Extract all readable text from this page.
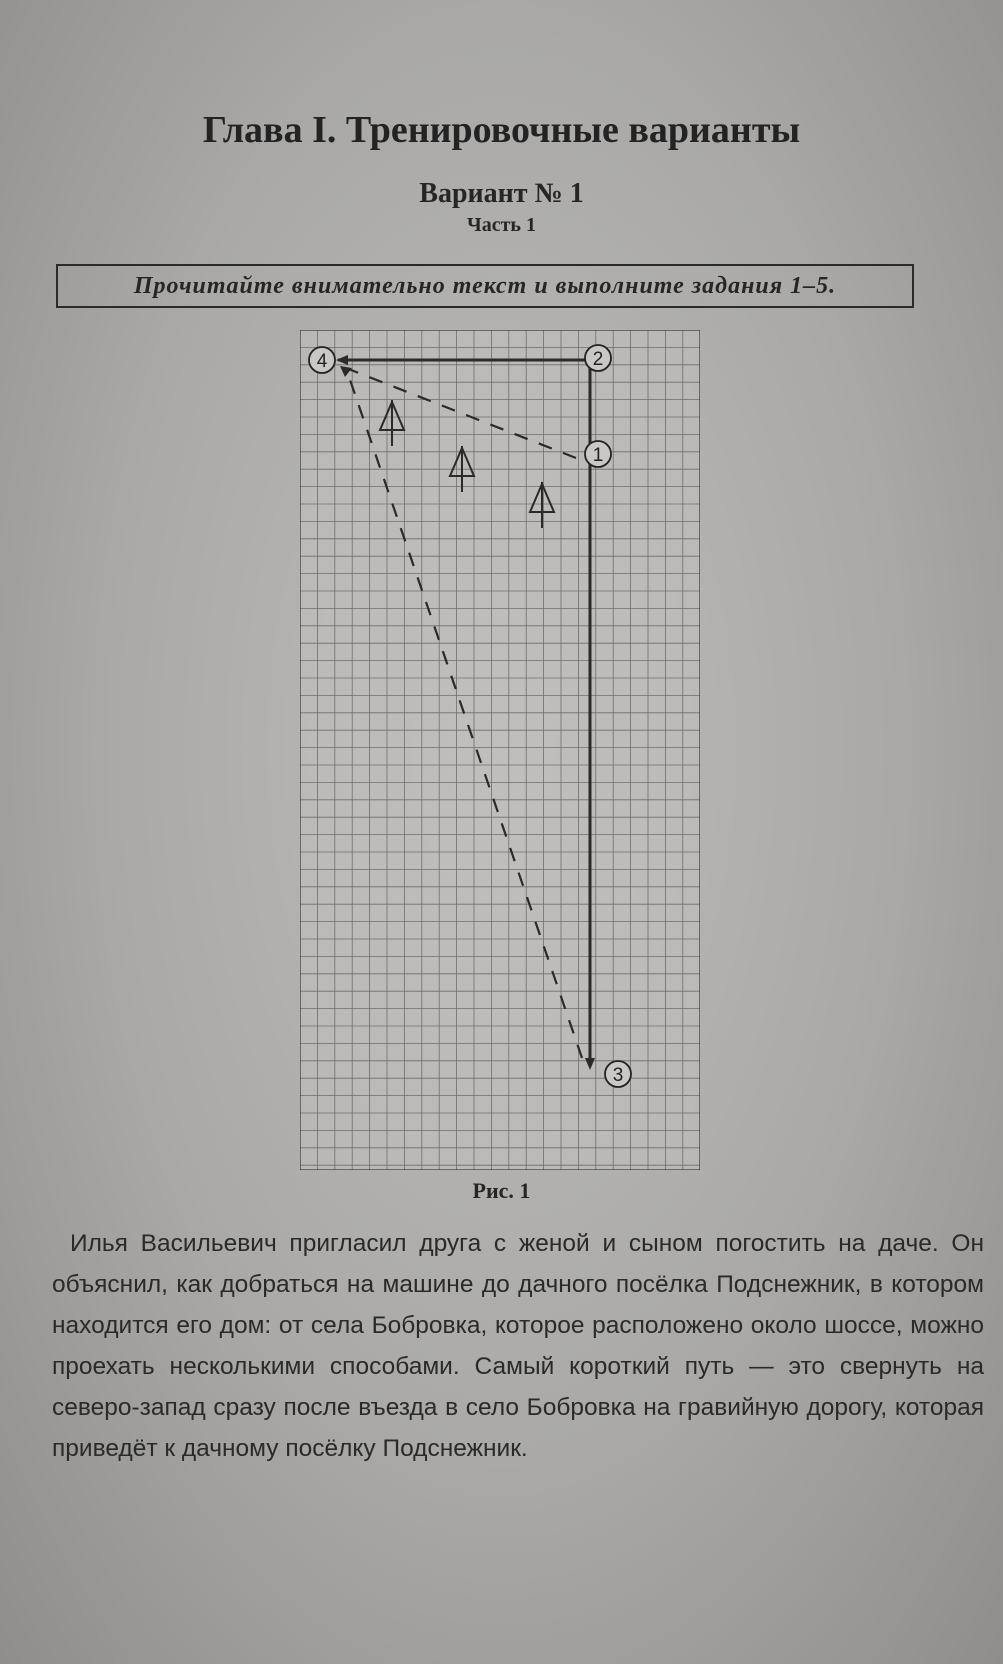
Глава I. Тренировочные варианты
Вариант № 1
Часть 1
Прочитайте внимательно текст и выполните задания 1–5.
4	2
1
3
Рис. 1

Илья Васильевич пригласил друга с женой и сыном погостить на даче. Он объяснил, как добраться на машине до дачного посёлка Подснежник, в котором находится его дом: от села Бобровка, которое расположено около шоссе, можно проехать несколькими способами. Самый короткий путь — это свернуть на северо-запад сразу после въезда в село Бобровка на гравийную дорогу, которая приведёт к дачному посёлку Подснежник.
